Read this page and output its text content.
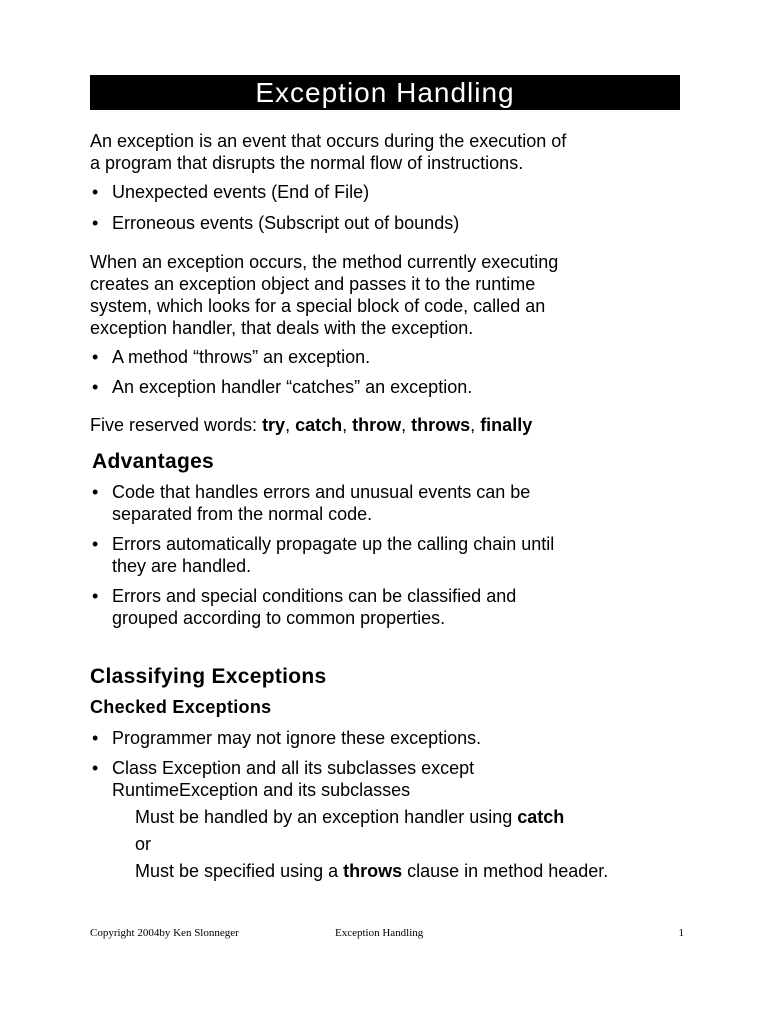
Exception Handling

An exception is an event that occurs during the execution of
a program that disrupts the normal flow of instructions.

• Unexpected events (End of File)
• Erroneous events (Subscript out of bounds)

When an exception occurs, the method currently executing
creates an exception object and passes it to the runtime
system, which looks for a special block of code, called an
exception handler, that deals with the exception.

• A method “throws” an exception.
• An exception handler “catches” an exception.

Five reserved words: try, catch, throw, throws, finally

Advantages
• Code that handles errors and unusual events can be
separated from the normal code.
• Errors automatically propagate up the calling chain until
they are handled.
• Errors and special conditions can be classified and
grouped according to common properties.
Classifying Exceptions
Checked Exceptions
• Programmer may not ignore these exceptions.
• Class Exception and all its subclasses except
RuntimeException and its subclasses
Must be handled by an exception handler using catch
or
Must be specified using a throws clause in method header.
Copyright 2004by Ken Slonneger	Exception Handling	1
